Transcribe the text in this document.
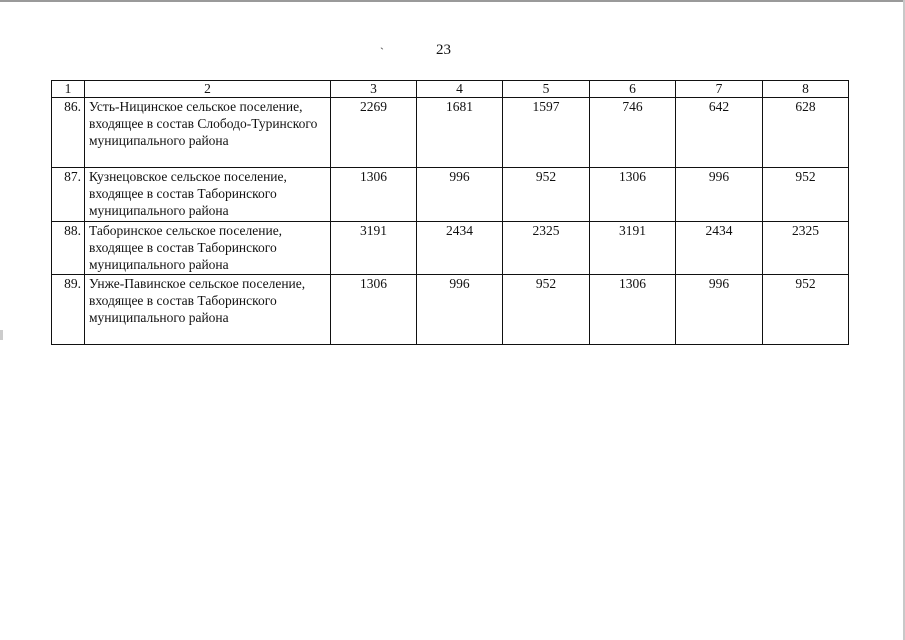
`	23
1	2	3	4	5	6	7	8
86.	Усть-Ницинское сельское поселение, входящее в состав Слободо-Туринского муниципального района	2269	1681	1597	746	642	628
87.	Кузнецовское сельское поселение, входящее в состав Таборинского муниципального района	1306	996	952	1306	996	952
88.	Таборинское сельское поселение, входящее в состав Таборинского муниципального района	3191	2434	2325	3191	2434	2325
89.	Унже-Павинское сельское поселение, входящее в состав Таборинского муниципального района	1306	996	952	1306	996	952
